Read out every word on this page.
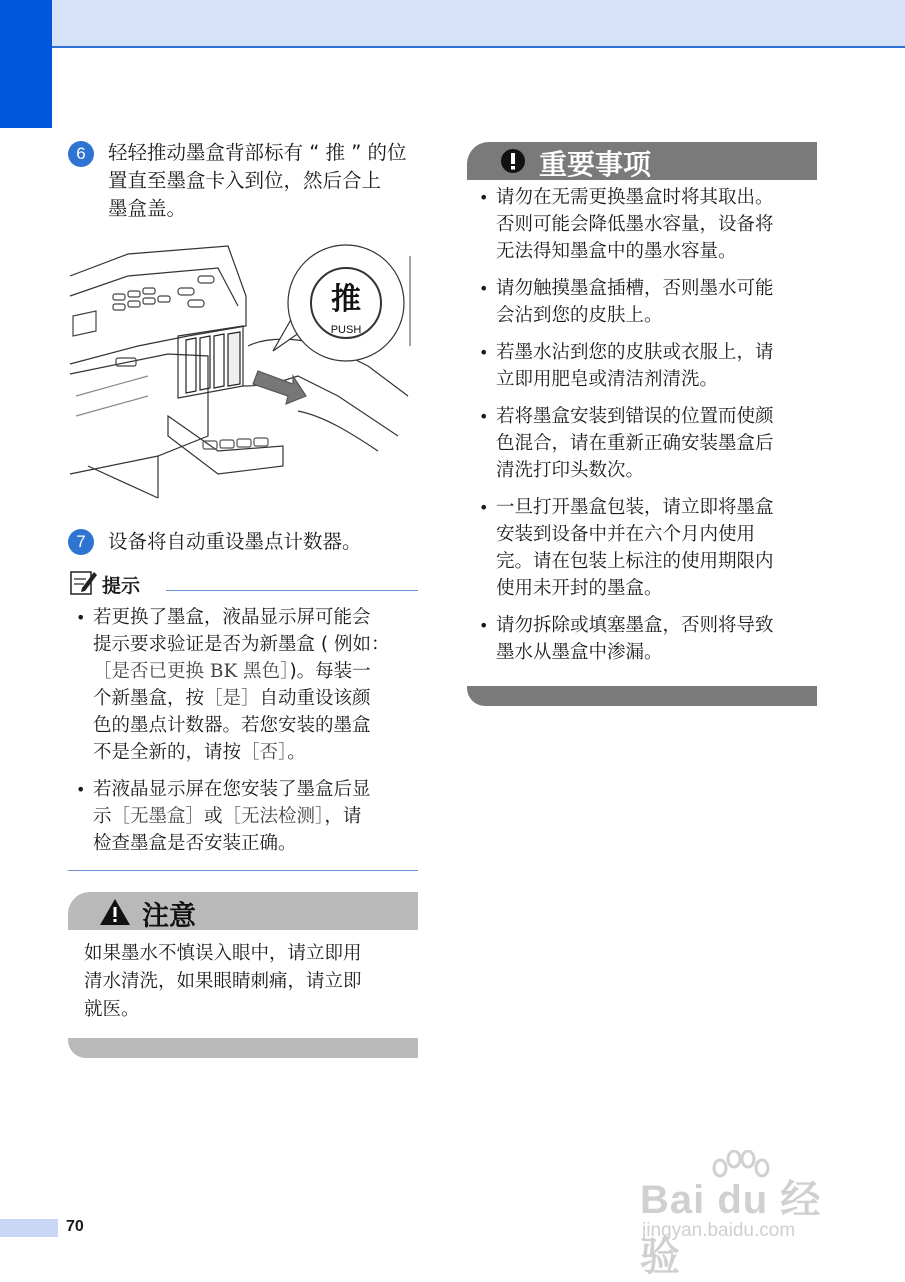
6	轻轻推动墨盒背部标有 “ 推 ” 的位
置直至墨盒卡入到位，然后合上
墨盒盖。
推
PUSH
7	设备将自动重设墨点计数器。
提示
• 若更换了墨盒，液晶显示屏可能会
提示要求验证是否为新墨盒 ( 例如：
［是否已更换 BK 黑色］)。每装一
个新墨盒，按［是］自动重设该颜
色的墨点计数器。若您安装的墨盒
不是全新的，请按［否］。
• 若液晶显示屏在您安装了墨盒后显
示［无墨盒］或［无法检测］，请
检查墨盒是否安装正确。
注意
如果墨水不慎误入眼中，请立即用
清水清洗，如果眼睛刺痛，请立即
就医。
重要事项
• 请勿在无需更换墨盒时将其取出。
否则可能会降低墨水容量，设备将
无法得知墨盒中的墨水容量。
• 请勿触摸墨盒插槽，否则墨水可能
会沾到您的皮肤上。
• 若墨水沾到您的皮肤或衣服上，请
立即用肥皂或清洁剂清洗。
• 若将墨盒安装到错误的位置而使颜
色混合，请在重新正确安装墨盒后
清洗打印头数次。
• 一旦打开墨盒包装，请立即将墨盒
安装到设备中并在六个月内使用
完。请在包装上标注的使用期限内
使用未开封的墨盒。
• 请勿拆除或填塞墨盒，否则将导致
墨水从墨盒中渗漏。
70
Bai du 经验
jingyan.baidu.com
